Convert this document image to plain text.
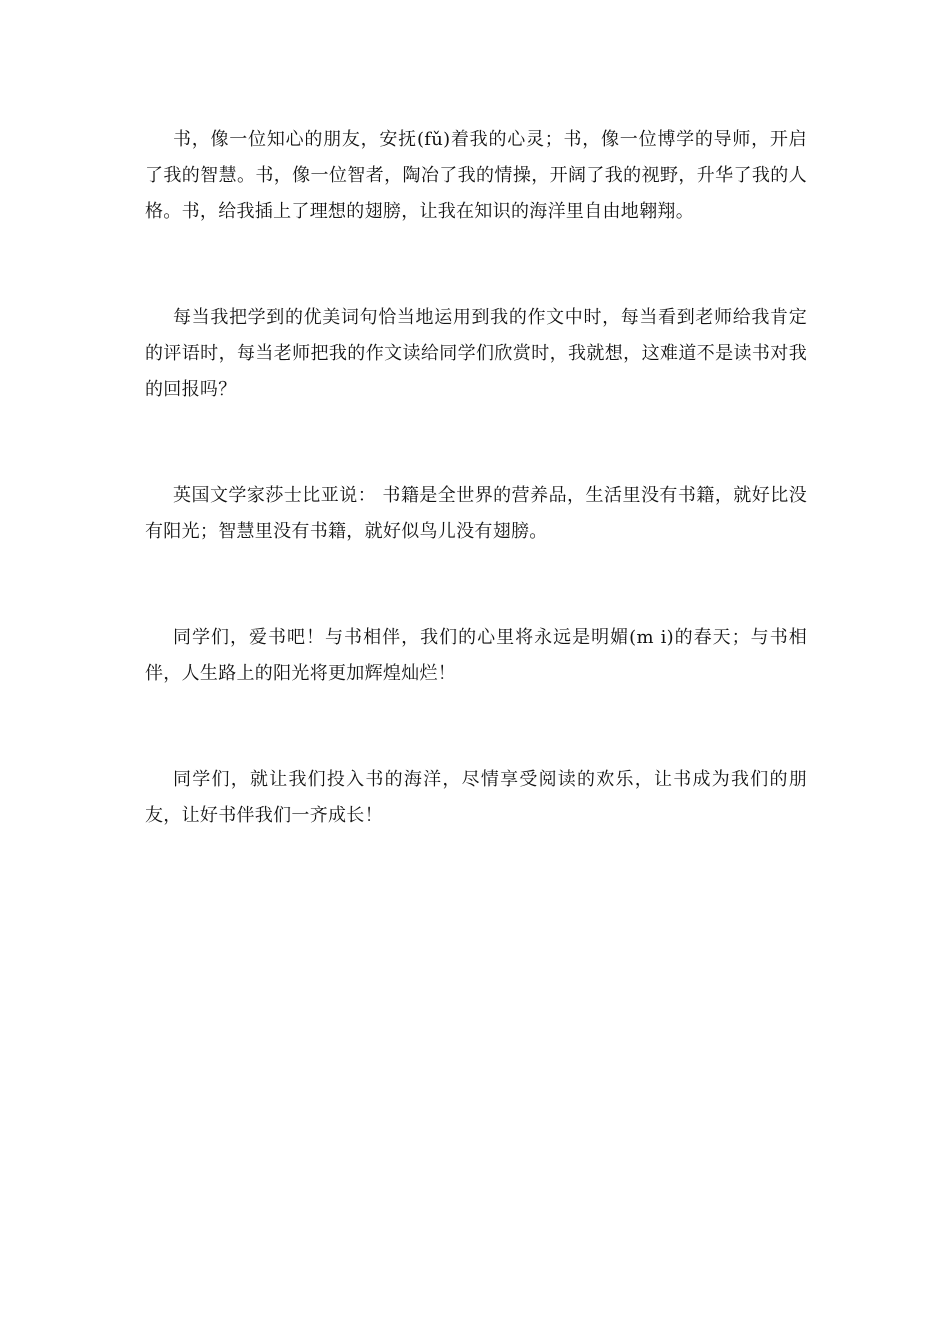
书，像一位知心的朋友，安抚(fǔ)着我的心灵；书，像一位博学的导师，开启了我的智慧。书，像一位智者，陶冶了我的情操，开阔了我的视野，升华了我的人格。书，给我插上了理想的翅膀，让我在知识的海洋里自由地翱翔。

每当我把学到的优美词句恰当地运用到我的作文中时，每当看到老师给我肯定的评语时，每当老师把我的作文读给同学们欣赏时，我就想，这难道不是读书对我的回报吗？

英国文学家莎士比亚说： 书籍是全世界的营养品，生活里没有书籍，就好比没有阳光；智慧里没有书籍，就好似鸟儿没有翅膀。

同学们，爱书吧！与书相伴，我们的心里将永远是明媚(m i)的春天；与书相伴，人生路上的阳光将更加辉煌灿烂！

同学们，就让我们投入书的海洋，尽情享受阅读的欢乐，让书成为我们的朋友，让好书伴我们一齐成长！
